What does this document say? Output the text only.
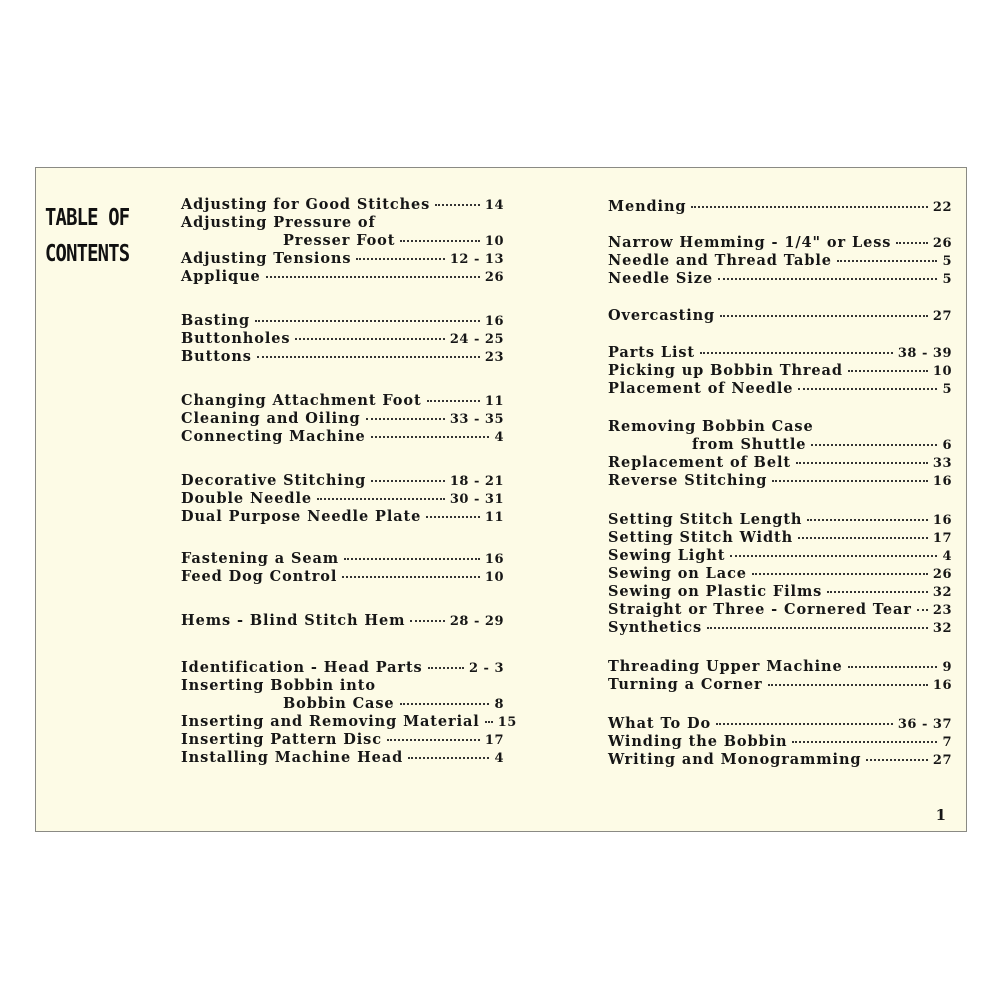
TABLE OF
CONTENTS
Adjusting for Good Stitches	14
Adjusting Pressure of
Presser Foot	10
Adjusting Tensions	12 - 13
Applique	26
Basting	16
Buttonholes	24 - 25
Buttons	23
Changing Attachment Foot	11
Cleaning and Oiling	33 - 35
Connecting Machine	4
Decorative Stitching	18 - 21
Double Needle	30 - 31
Dual Purpose Needle Plate	11
Fastening a Seam	16
Feed Dog Control	10
Hems - Blind Stitch Hem	28 - 29
Identification - Head Parts	2 - 3
Inserting Bobbin into
Bobbin Case	8
Inserting and Removing Material 15
Inserting Pattern Disc	17
Installing Machine Head	4
Mending	22
Narrow Hemming - 1/4" or Less	26
Needle and Thread Table	5
Needle Size	5
Overcasting	27
Parts List	38 - 39
Picking up Bobbin Thread	10
Placement of Needle	5
Removing Bobbin Case
from Shuttle	6
Replacement of Belt	33
Reverse Stitching	16
Setting Stitch Length	16
Setting Stitch Width	17
Sewing Light	4
Sewing on Lace	26
Sewing on Plastic Films	32
Straight or Three - Cornered Tear 23
Synthetics	32
Threading Upper Machine	9
Turning a Corner	16
What To Do	36 - 37
Winding the Bobbin	7
Writing and Monogramming	27
1
